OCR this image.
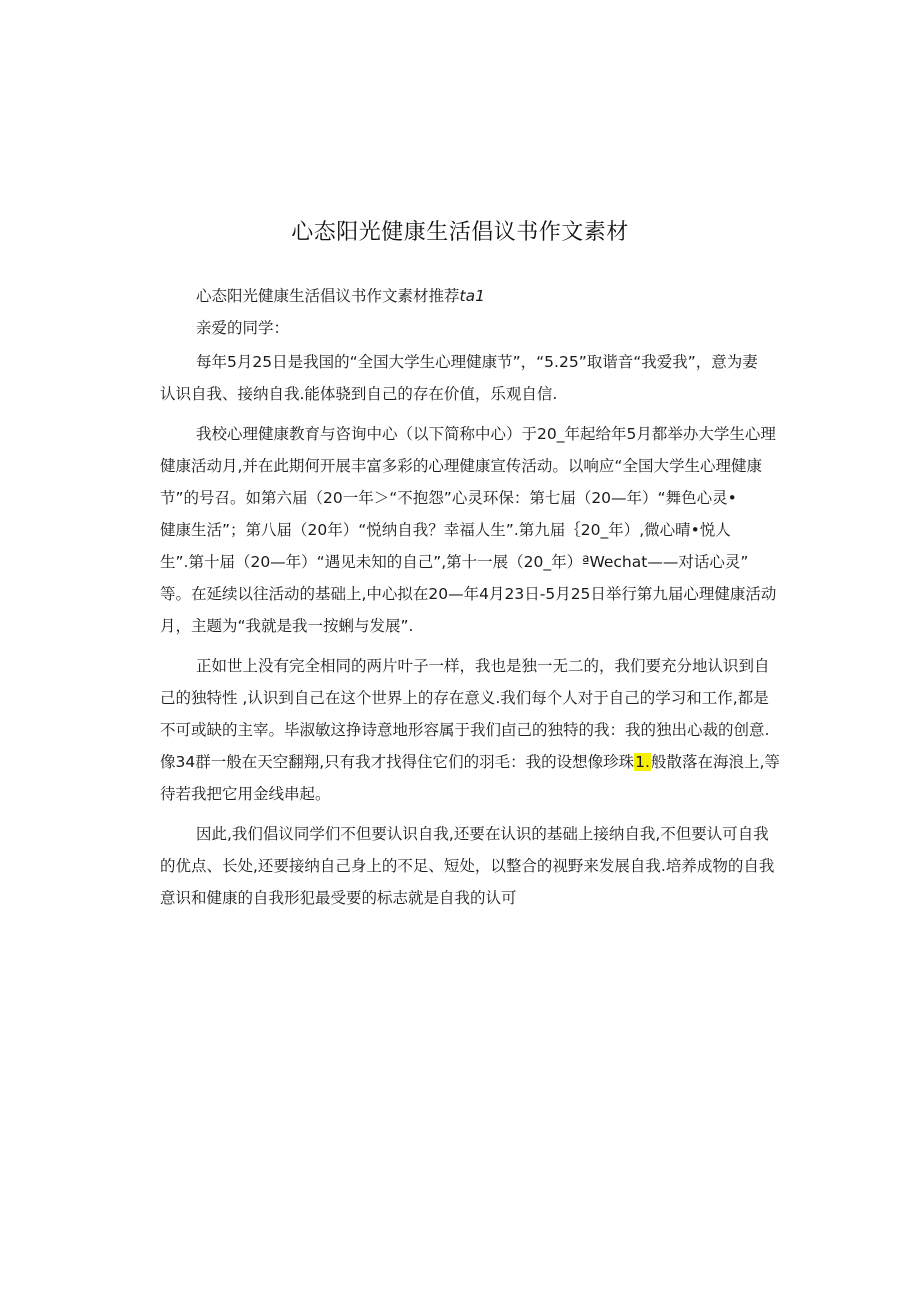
心态阳光健康生活倡议书作文素材

心态阳光健康生活倡议书作文素材推荐ta1

亲爱的同学：

每年5月25日是我国的“全国大学生心理健康节”，“5.25”取谐音“我爱我”，意为妻

认识自我、接纳自我.能体骁到自己的存在价值，乐观自信.

我校心理健康教育与咨询中心（以下简称中心）于20_年起给年5月都举办大学生心理

健康活动月,并在此期何开展丰富多彩的心理健康宣传活动。以响应“全国大学生心理健康

节”的号召。如第六届（20一年＞“不抱怨”心灵环保：第七届（20—年）“舞色心灵•

健康生活”；第八届（20年）“悦纳自我？幸福人生”.第九届｛20_年）,微心晴•悦人

生”.第十届（20—年）“遇见未知的自己”,第十一展（20_年）ªWechat——对话心灵”

等。在延续以往活动的基础上,中心拟在20—年4月23日-5月25日举行第九届心理健康活动

月，主题为“我就是我一按蜊与发展”.

正如世上没有完全相同的两片叶子一样，我也是独一无二的，我们要充分地认识到自

己的独特性 ,认识到自己在这个世界上的存在意义.我们每个人对于自己的学习和工作,都是

不可或缺的主宰。毕淑敏这挣诗意地形容属于我们卣己的独特的我：我的独出心裁的创意.

像34群一般在天空翻翔,只有我才找得住它们的羽毛：我的设想像珍珠1.般散落在海浪上,等

待若我把它用金线串起。

因此,我们倡议同学们不但要认识自我,还要在认识的基础上接纳自我,不但要认可自我

的优点、长处,还要接纳自己身上的不足、短处，以整合的视野来发展自我.培养成物的自我

意识和健康的自我形犯最受要的标志就是自我的认可
